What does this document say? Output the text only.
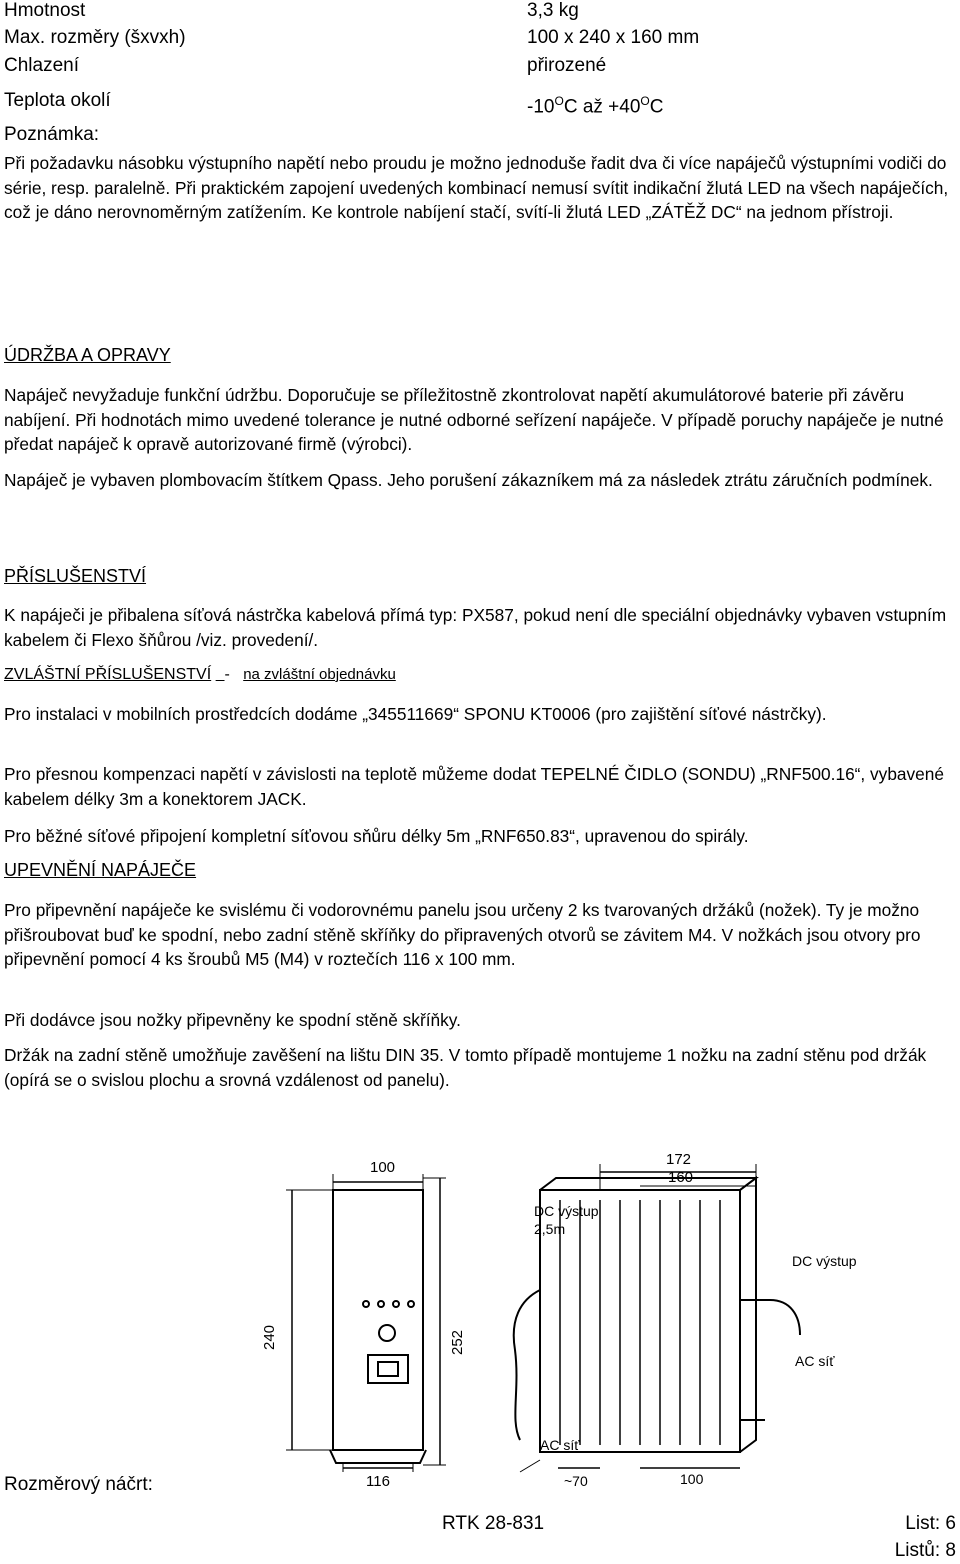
Hmotnost	3,3 kg
Max. rozměry (šxvxh)	100 x 240 x 160 mm
Chlazení	přirozené
Teplota okolí	$-10^OC$ až $+40^OC$
Poznámka:
Při požadavku násobku výstupního napětí nebo proudu je možno jednoduše řadit dva či více napáječů výstupními vodiči do série, resp. paralelně. Při praktickém zapojení uvedených kombinací nemusí svítit indikační žlutá LED na všech napáječích, což je dáno nerovnoměrným zatížením. Ke kontrole nabíjení stačí, svítí-li žlutá LED „ZÁTĚŽ DC“ na jednom přístroji.
ÚDRŽBA A OPRAVY
Napáječ nevyžaduje funkční údržbu. Doporučuje se příležitostně zkontrolovat napětí akumulátorové baterie při závěru nabíjení. Při hodnotách mimo uvedené tolerance je nutné odborné seřízení napáječe. V případě poruchy napáječe je nutné předat napáječ k opravě autorizované firmě (výrobci).
Napáječ je vybaven plombovacím štítkem Qpass. Jeho porušení zákazníkem má za následek ztrátu záručních podmínek.
PŘÍSLUŠENSTVÍ
K napáječi je přibalena síťová nástrčka kabelová přímá typ: PX587, pokud není dle speciální objednávky vybaven vstupním kabelem či Flexo šňůrou /viz. provedení/.
ZVLÁŠTNÍ PŘÍSLUŠENSTVÍ - na zvláštní objednávku
Pro instalaci v mobilních prostředcích dodáme „345511669“ SPONU KT0006 (pro zajištění síťové nástrčky).
Pro přesnou kompenzaci napětí v závislosti na teplotě můžeme dodat TEPELNÉ ČIDLO (SONDU) „RNF500.16“, vybavené kabelem délky 3m a konektorem JACK.
Pro běžné síťové připojení kompletní síťovou sňůru délky 5m „RNF650.83“, upravenou do spirály.
UPEVNĚNÍ NAPÁJEČE
Pro připevnění napáječe ke svislému či vodorovnému panelu jsou určeny 2 ks tvarovaných držáků (nožek). Ty je možno přišroubovat buď ke spodní, nebo zadní stěně skříňky do připravených otvorů se závitem M4. V nožkách jsou otvory pro připevnění pomocí 4 ks šroubů M5 (M4) v roztečích 116 x 100 mm.
Při dodávce jsou nožky připevněny ke spodní stěně skříňky.
Držák na zadní stěně umožňuje zavěšení na lištu DIN 35. V tomto případě montujeme 1 nožku na zadní stěnu pod držák (opírá se o svislou plochu a srovná vzdálenost od panelu).
Rozměrový náčrt:
100
240	252
116
172
160
DC výstup
2,5m
DC výstup
AC síť
AC síť
~70	100
RTK 28-831	List: 6
Listů: 8
